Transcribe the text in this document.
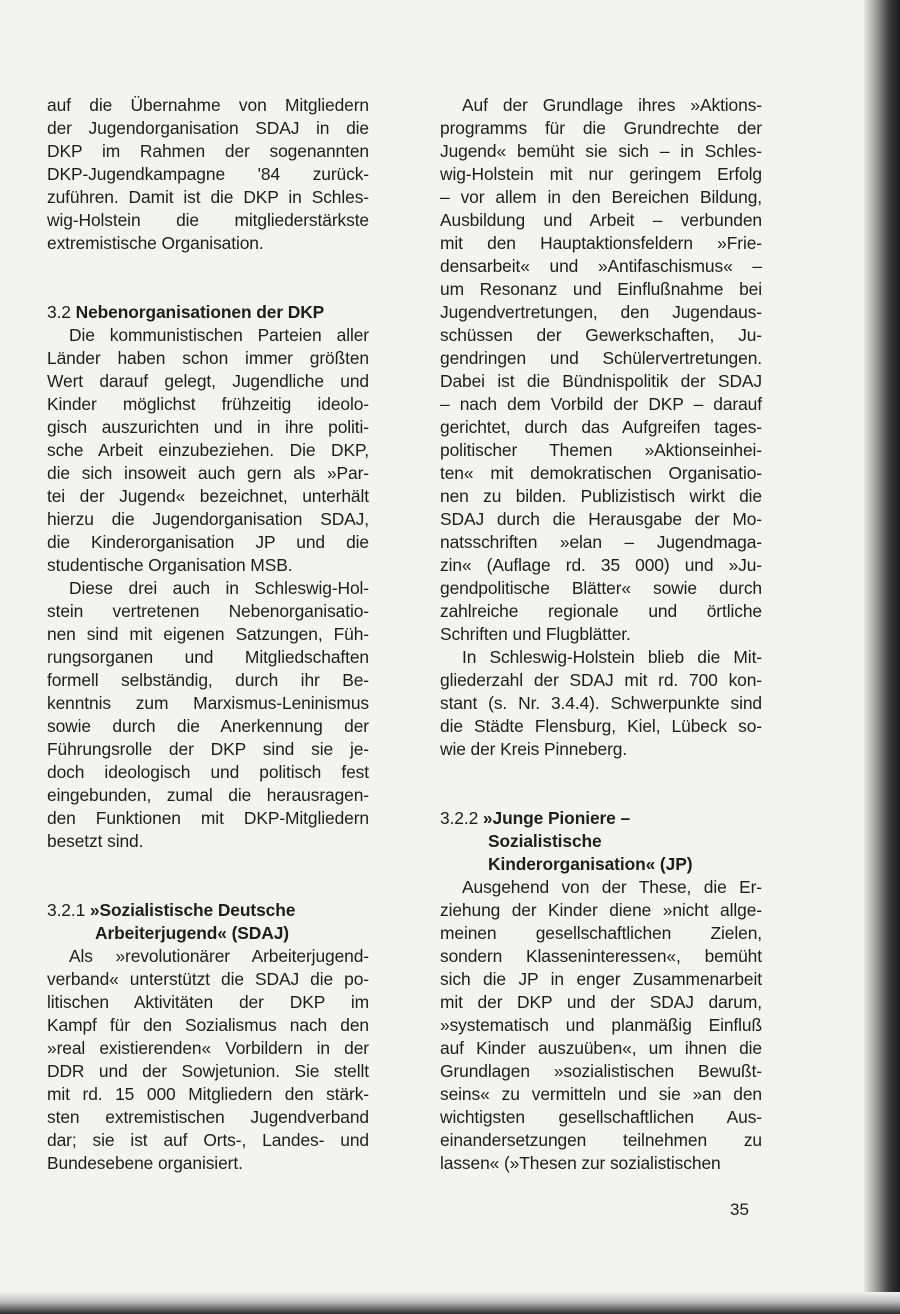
auf die Übernahme von Mitgliedern
der Jugendorganisation SDAJ in die
DKP im Rahmen der sogenannten
DKP-Jugendkampagne '84 zurück-
zuführen. Damit ist die DKP in Schles-
wig-Holstein die mitgliederstärkste
extremistische Organisation.
3.2 Nebenorganisationen der DKP
Die kommunistischen Parteien aller
Länder haben schon immer größten
Wert darauf gelegt, Jugendliche und
Kinder möglichst frühzeitig ideolo-
gisch auszurichten und in ihre politi-
sche Arbeit einzubeziehen. Die DKP,
die sich insoweit auch gern als »Par-
tei der Jugend« bezeichnet, unterhält
hierzu die Jugendorganisation SDAJ,
die Kinderorganisation JP und die
studentische Organisation MSB.
Diese drei auch in Schleswig-Hol-
stein vertretenen Nebenorganisatio-
nen sind mit eigenen Satzungen, Füh-
rungsorganen und Mitgliedschaften
formell selbständig, durch ihr Be-
kenntnis zum Marxismus-Leninismus
sowie durch die Anerkennung der
Führungsrolle der DKP sind sie je-
doch ideologisch und politisch fest
eingebunden, zumal die herausragen-
den Funktionen mit DKP-Mitgliedern
besetzt sind.
3.2.1 »Sozialistische Deutsche
Arbeiterjugend« (SDAJ)
Als »revolutionärer Arbeiterjugend-
verband« unterstützt die SDAJ die po-
litischen Aktivitäten der DKP im
Kampf für den Sozialismus nach den
»real existierenden« Vorbildern in der
DDR und der Sowjetunion. Sie stellt
mit rd. 15 000 Mitgliedern den stärk-
sten extremistischen Jugendverband
dar; sie ist auf Orts-, Landes- und
Bundesebene organisiert.
Auf der Grundlage ihres »Aktions-
programms für die Grundrechte der
Jugend« bemüht sie sich – in Schles-
wig-Holstein mit nur geringem Erfolg
– vor allem in den Bereichen Bildung,
Ausbildung und Arbeit – verbunden
mit den Hauptaktionsfeldern »Frie-
densarbeit« und »Antifaschismus« –
um Resonanz und Einflußnahme bei
Jugendvertretungen, den Jugendaus-
schüssen der Gewerkschaften, Ju-
gendringen und Schülervertretungen.
Dabei ist die Bündnispolitik der SDAJ
– nach dem Vorbild der DKP – darauf
gerichtet, durch das Aufgreifen tages-
politischer Themen »Aktionseinhei-
ten« mit demokratischen Organisatio-
nen zu bilden. Publizistisch wirkt die
SDAJ durch die Herausgabe der Mo-
natsschriften »elan – Jugendmaga-
zin« (Auflage rd. 35 000) und »Ju-
gendpolitische Blätter« sowie durch
zahlreiche regionale und örtliche
Schriften und Flugblätter.
In Schleswig-Holstein blieb die Mit-
gliederzahl der SDAJ mit rd. 700 kon-
stant (s. Nr. 3.4.4). Schwerpunkte sind
die Städte Flensburg, Kiel, Lübeck so-
wie der Kreis Pinneberg.
3.2.2 »Junge Pioniere –
Sozialistische
Kinderorganisation« (JP)
Ausgehend von der These, die Er-
ziehung der Kinder diene »nicht allge-
meinen gesellschaftlichen Zielen,
sondern Klasseninteressen«, bemüht
sich die JP in enger Zusammenarbeit
mit der DKP und der SDAJ darum,
»systematisch und planmäßig Einfluß
auf Kinder auszuüben«, um ihnen die
Grundlagen »sozialistischen Bewußt-
seins« zu vermitteln und sie »an den
wichtigsten gesellschaftlichen Aus-
einandersetzungen teilnehmen zu
lassen« (»Thesen zur sozialistischen
35
